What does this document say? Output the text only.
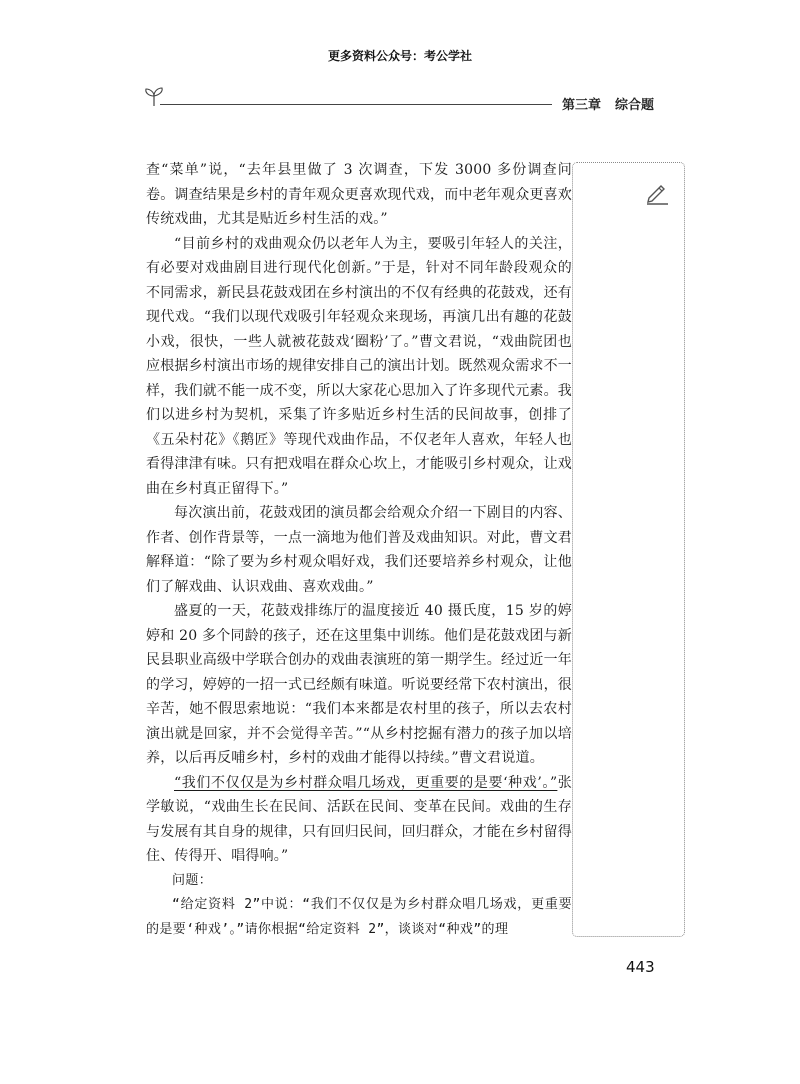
更多资料公众号：考公学社
第三章 综合题

查“菜单”说，“去年县里做了 3 次调查，下发 3000 多份调查问卷。调查结果是乡村的青年观众更喜欢现代戏，而中老年观众更喜欢传统戏曲，尤其是贴近乡村生活的戏。”

“目前乡村的戏曲观众仍以老年人为主，要吸引年轻人的关注，有必要对戏曲剧目进行现代化创新。”于是，针对不同年龄段观众的不同需求，新民县花鼓戏团在乡村演出的不仅有经典的花鼓戏，还有现代戏。“我们以现代戏吸引年轻观众来现场，再演几出有趣的花鼓小戏，很快，一些人就被花鼓戏‘圈粉’了。”曹文君说，“戏曲院团也应根据乡村演出市场的规律安排自己的演出计划。既然观众需求不一样，我们就不能一成不变，所以大家花心思加入了许多现代元素。我们以进乡村为契机，采集了许多贴近乡村生活的民间故事，创排了《五朵村花》《鹅匠》等现代戏曲作品，不仅老年人喜欢，年轻人也看得津津有味。只有把戏唱在群众心坎上，才能吸引乡村观众，让戏曲在乡村真正留得下。”

每次演出前，花鼓戏团的演员都会给观众介绍一下剧目的内容、作者、创作背景等，一点一滴地为他们普及戏曲知识。对此，曹文君解释道：“除了要为乡村观众唱好戏，我们还要培养乡村观众，让他们了解戏曲、认识戏曲、喜欢戏曲。”

盛夏的一天，花鼓戏排练厅的温度接近 40 摄氏度，15 岁的婷婷和 20 多个同龄的孩子，还在这里集中训练。他们是花鼓戏团与新民县职业高级中学联合创办的戏曲表演班的第一期学生。经过近一年的学习，婷婷的一招一式已经颇有味道。听说要经常下农村演出，很辛苦，她不假思索地说：“我们本来都是农村里的孩子，所以去农村演出就是回家，并不会觉得辛苦。”“从乡村挖掘有潜力的孩子加以培养，以后再反哺乡村，乡村的戏曲才能得以持续。”曹文君说道。

“我们不仅仅是为乡村群众唱几场戏，更重要的是要‘种戏’。”张学敏说，“戏曲生长在民间、活跃在民间、变革在民间。戏曲的生存与发展有其自身的规律，只有回归民间，回归群众，才能在乡村留得住、传得开、唱得响。”

问题：

“给定资料 2”中说：“我们不仅仅是为乡村群众唱几场戏，更重要的是要‘种戏’。”请你根据“给定资料 2”，谈谈对“种戏”的理

443
